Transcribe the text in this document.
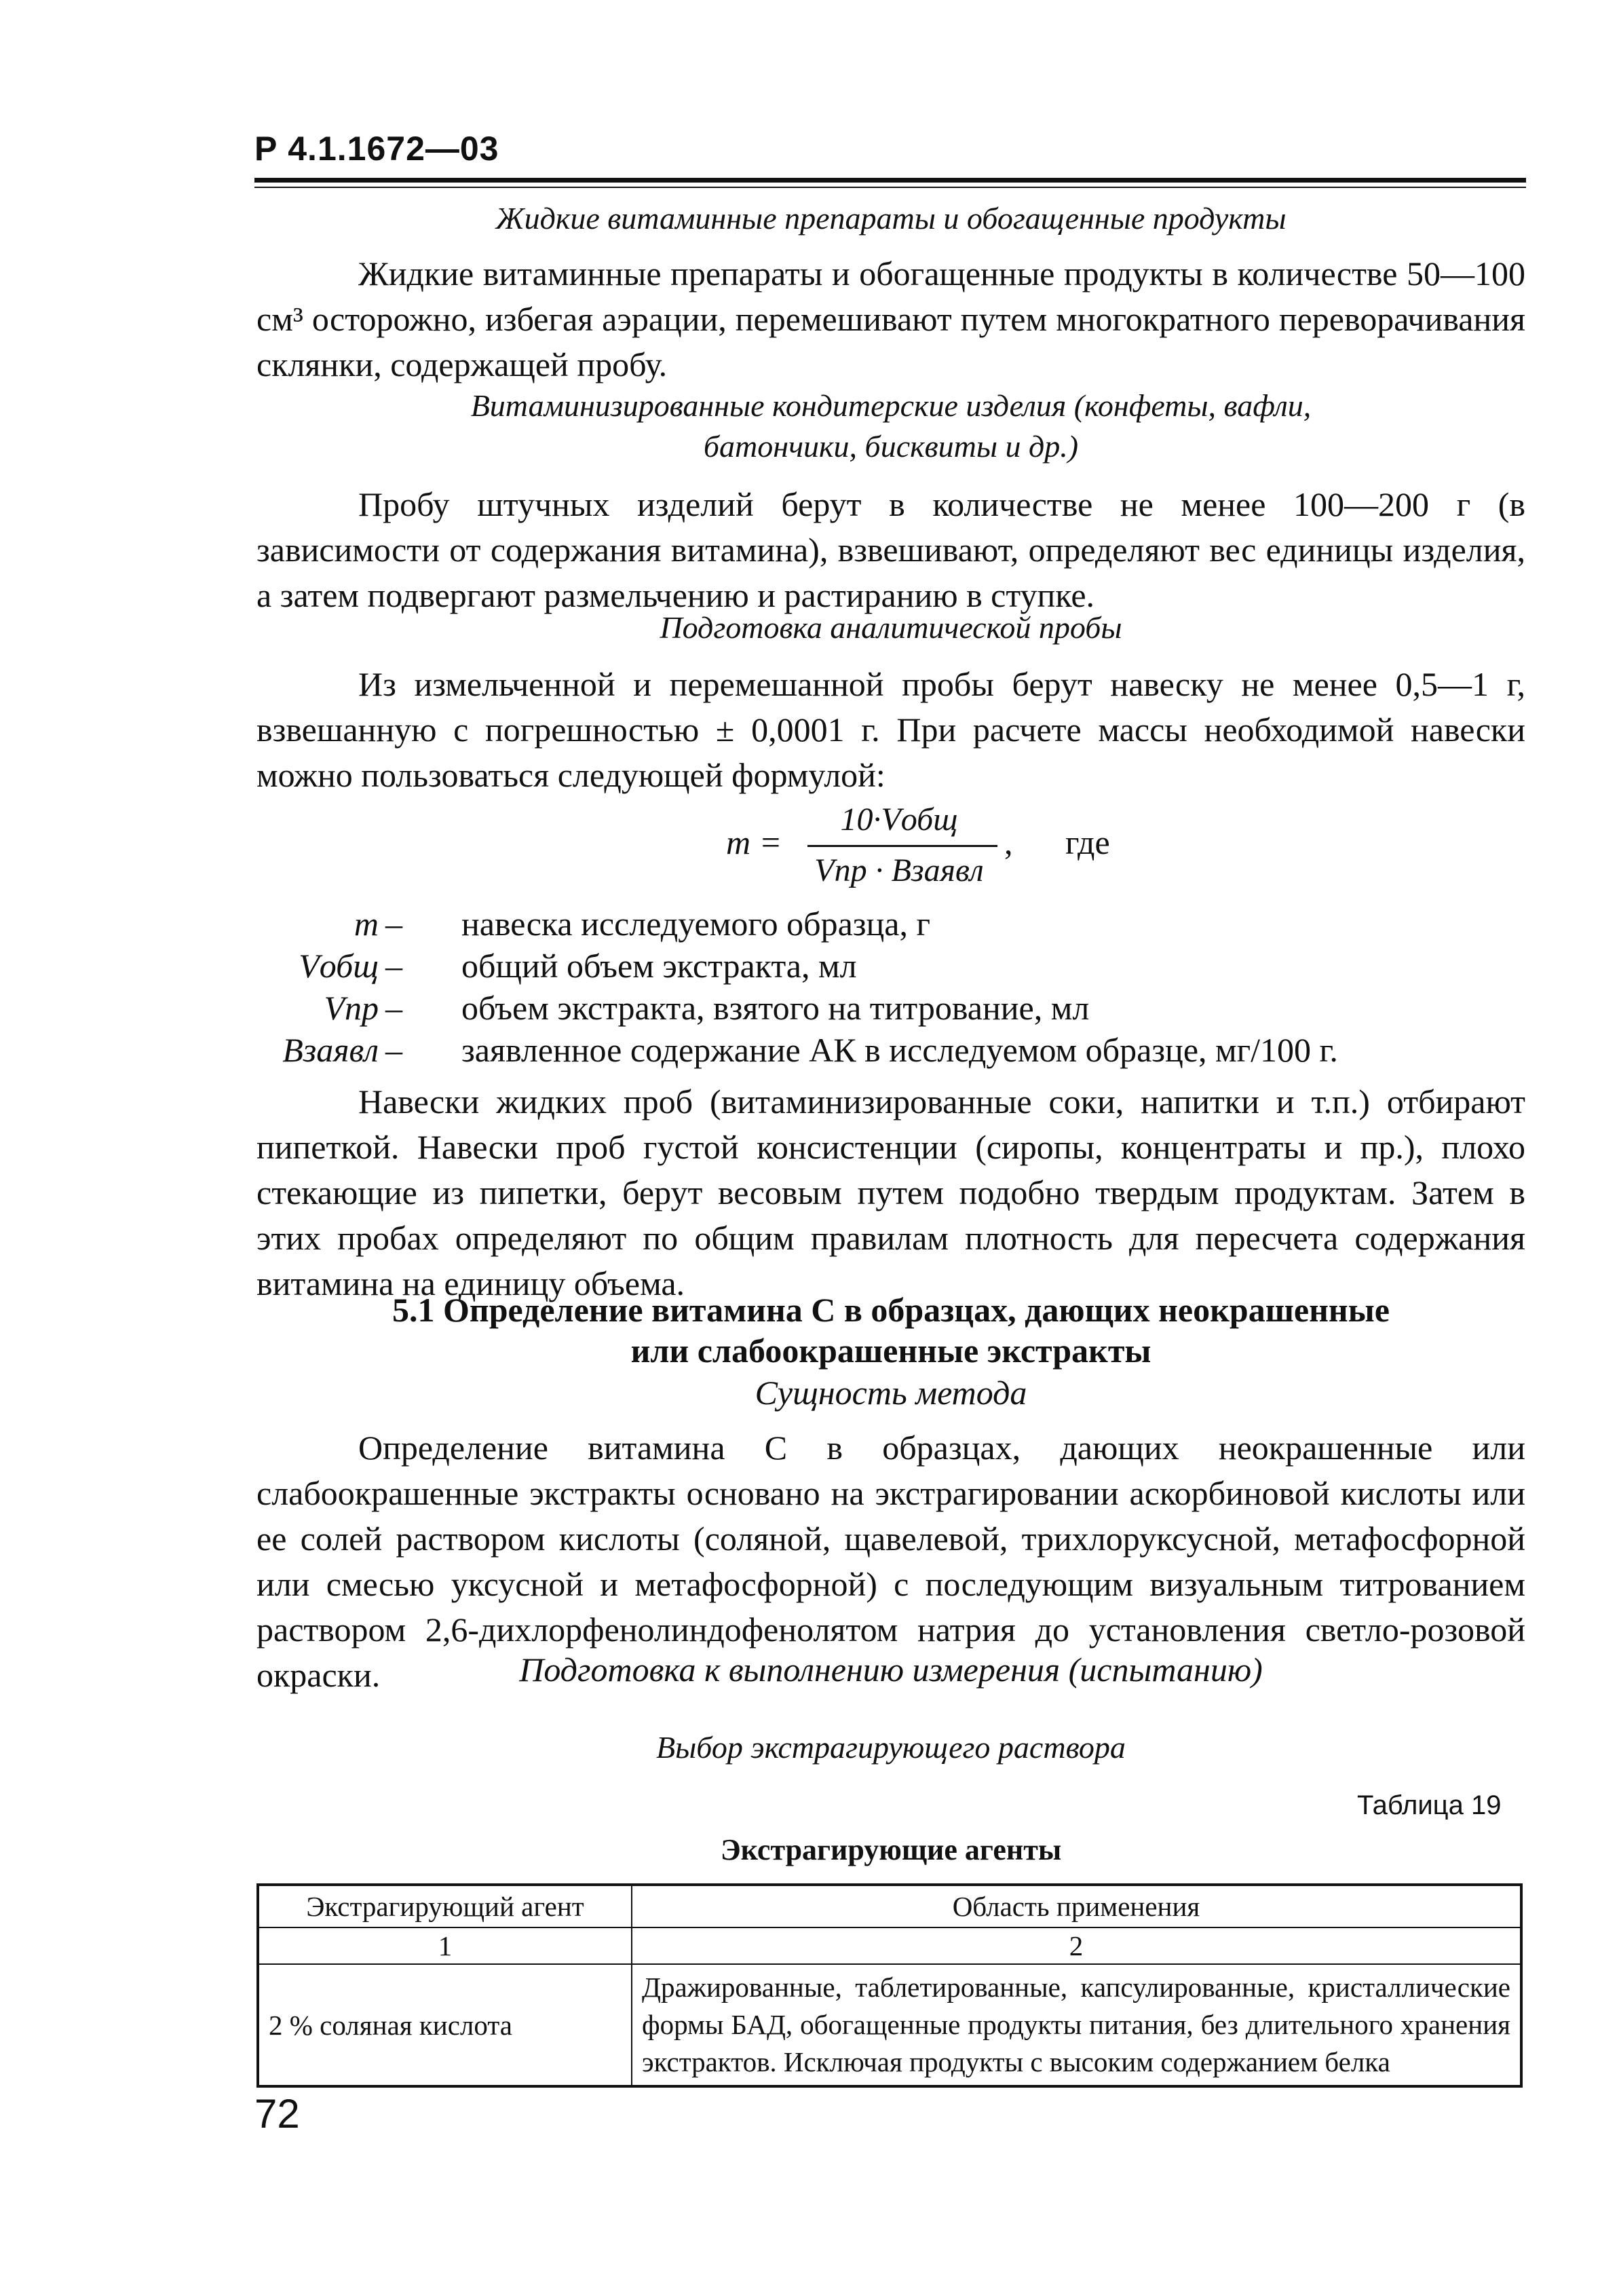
Р 4.1.1672—03
Жидкие витаминные препараты и обогащенные продукты
Жидкие витаминные препараты и обогащенные продукты в количестве 50—100 см³ осторожно, избегая аэрации, перемешивают путем многократного переворачивания склянки, содержащей пробу.
Витаминизированные кондитерские изделия (конфеты, вафли,
батончики, бисквиты и др.)
Пробу штучных изделий берут в количестве не менее 100—200 г (в зависимости от содержания витамина), взвешивают, определяют вес единицы изделия, а затем подвергают размельчению и растиранию в ступке.
Подготовка аналитической пробы
Из измельченной и перемешанной пробы берут навеску не менее 0,5—1 г, взвешанную с погрешностью ± 0,0001 г. При расчете массы необходимой навески можно пользоваться следующей формулой:
m =
10·Vобщ
Vпр · Bзаявл
, где
m – навеска исследуемого образца, г
Vобщ – общий объем экстракта, мл
Vпр – объем экстракта, взятого на титрование, мл
Bзаявл – заявленное содержание АК в исследуемом образце, мг/100 г.
Навески жидких проб (витаминизированные соки, напитки и т.п.) отбирают пипеткой. Навески проб густой консистенции (сиропы, концентраты и пр.), плохо стекающие из пипетки, берут весовым путем подобно твердым продуктам. Затем в этих пробах определяют по общим правилам плотность для пересчета содержания витамина на единицу объема.
5.1 Определение витамина С в образцах, дающих неокрашенные
или слабоокрашенные экстракты
Сущность метода
Определение витамина С в образцах, дающих неокрашенные или слабоокрашенные экстракты основано на экстрагировании аскорбиновой кислоты или ее солей раствором кислоты (соляной, щавелевой, трихлоруксусной, метафосфорной или смесью уксусной и метафосфорной) с последующим визуальным титрованием раствором 2,6-дихлорфенолиндофенолятом натрия до установления светло-розовой окраски.	Подготовка к выполнению измерения (испытанию)
Выбор экстрагирующего раствора
Таблица 19
Экстрагирующие агенты
Экстрагирующий агент	Область применения
1	2
2 % соляная кислота	Дражированные, таблетированные, капсулированные, кристаллические формы БАД, обогащенные продукты питания, без длительного хранения экстрактов. Исключая продукты с высоким содержанием белка
72
